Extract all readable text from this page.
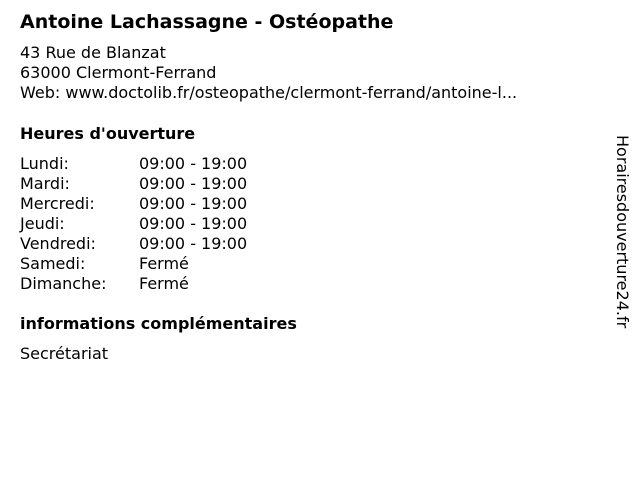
Antoine Lachassagne - Ostéopathe
43 Rue de Blanzat
63000 Clermont-Ferrand
Web: www.doctolib.fr/osteopathe/clermont-ferrand/antoine-l...
Heures d'ouverture
Lundi:	09:00 - 19:00
Mardi:	09:00 - 19:00
Mercredi:	09:00 - 19:00
Jeudi:	09:00 - 19:00
Vendredi:	09:00 - 19:00
Samedi:	Fermé
Dimanche: Fermé
informations complémentaires
Secrétariat
Horairesdouverture24.fr
